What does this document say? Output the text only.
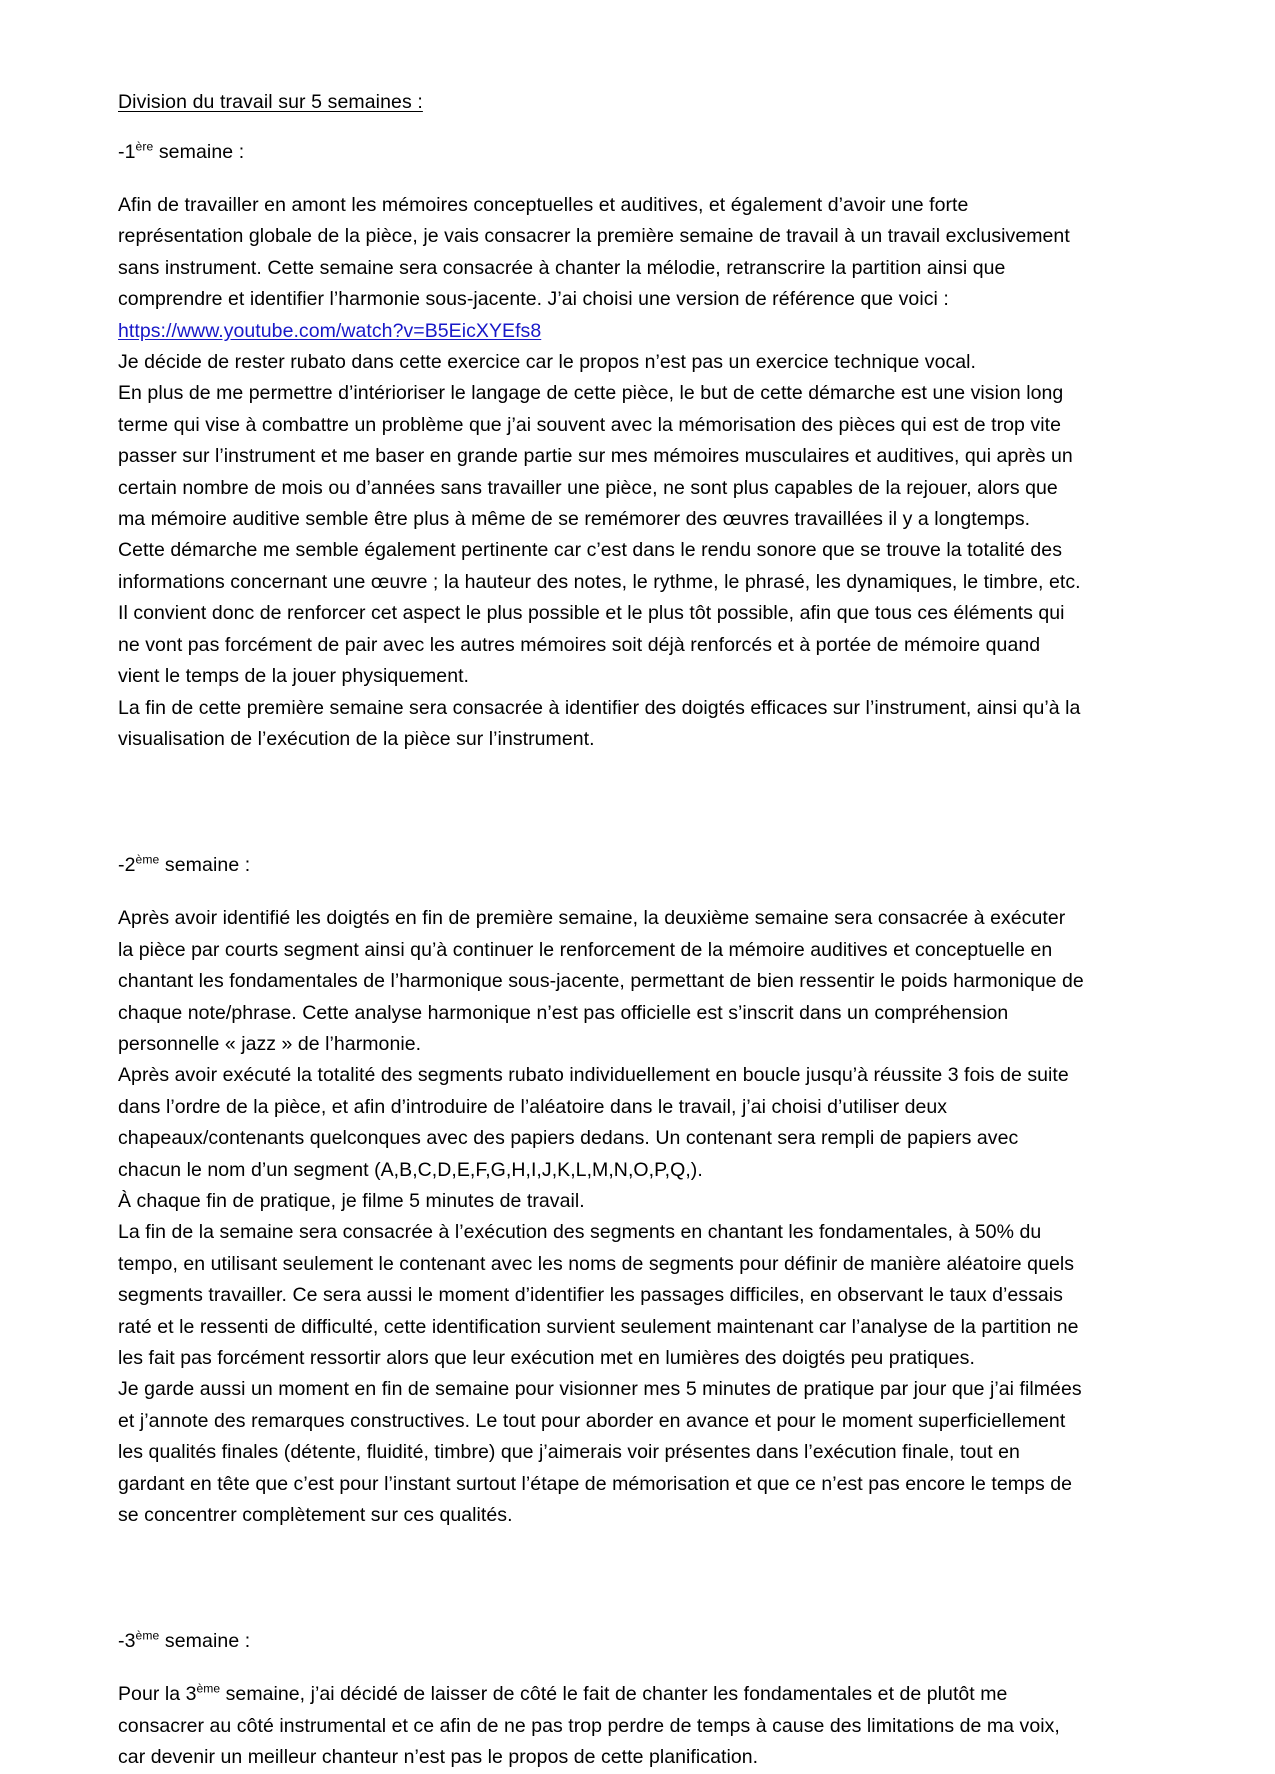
Division du travail sur 5 semaines :
-1ère semaine :

Afin de travailler en amont les mémoires conceptuelles et auditives, et également d’avoir une forte représentation globale de la pièce, je vais consacrer la première semaine de travail à un travail exclusivement sans instrument. Cette semaine sera consacrée à chanter la mélodie, retranscrire la partition ainsi que comprendre et identifier l’harmonie sous-jacente. J’ai choisi une version de référence que voici :

https://www.youtube.com/watch?v=B5EicXYEfs8

Je décide de rester rubato dans cette exercice car le propos n’est pas un exercice technique vocal.

En plus de me permettre d’intérioriser le langage de cette pièce, le but de cette démarche est une vision long terme qui vise à combattre un problème que j’ai souvent avec la mémorisation des pièces qui est de trop vite passer sur l’instrument et me baser en grande partie sur mes mémoires musculaires et auditives, qui après un certain nombre de mois ou d’années sans travailler une pièce, ne sont plus capables de la rejouer, alors que ma mémoire auditive semble être plus à même de se remémorer des œuvres travaillées il y a longtemps.

Cette démarche me semble également pertinente car c’est dans le rendu sonore que se trouve la totalité des informations concernant une œuvre ; la hauteur des notes, le rythme, le phrasé, les dynamiques, le timbre, etc. Il convient donc de renforcer cet aspect le plus possible et le plus tôt possible, afin que tous ces éléments qui ne vont pas forcément de pair avec les autres mémoires soit déjà renforcés et à portée de mémoire quand vient le temps de la jouer physiquement.

La fin de cette première semaine sera consacrée à identifier des doigtés efficaces sur l’instrument, ainsi qu’à la visualisation de l’exécution de la pièce sur l’instrument.

-2ème semaine :

Après avoir identifié les doigtés en fin de première semaine, la deuxième semaine sera consacrée à exécuter la pièce par courts segment ainsi qu’à continuer le renforcement de la mémoire auditives et conceptuelle en chantant les fondamentales de l’harmonique sous-jacente, permettant de bien ressentir le poids harmonique de chaque note/phrase. Cette analyse harmonique n’est pas officielle est s’inscrit dans un compréhension personnelle « jazz » de l’harmonie.

Après avoir exécuté la totalité des segments rubato individuellement en boucle jusqu’à réussite 3 fois de suite dans l’ordre de la pièce, et afin d’introduire de l’aléatoire dans le travail, j’ai choisi d’utiliser deux chapeaux/contenants quelconques avec des papiers dedans. Un contenant sera rempli de papiers avec chacun le nom d’un segment (A,B,C,D,E,F,G,H,I,J,K,L,M,N,O,P,Q,).

À chaque fin de pratique, je filme 5 minutes de travail.

La fin de la semaine sera consacrée à l’exécution des segments en chantant les fondamentales, à 50% du tempo, en utilisant seulement le contenant avec les noms de segments pour définir de manière aléatoire quels segments travailler. Ce sera aussi le moment d’identifier les passages difficiles, en observant le taux d’essais raté et le ressenti de difficulté, cette identification survient seulement maintenant car l’analyse de la partition ne les fait pas forcément ressortir alors que leur exécution met en lumières des doigtés peu pratiques.

Je garde aussi un moment en fin de semaine pour visionner mes 5 minutes de pratique par jour que j’ai filmées et j’annote des remarques constructives. Le tout pour aborder en avance et pour le moment superficiellement les qualités finales (détente, fluidité, timbre) que j’aimerais voir présentes dans l’exécution finale, tout en gardant en tête que c’est pour l’instant surtout l’étape de mémorisation et que ce n’est pas encore le temps de se concentrer complètement sur ces qualités.

-3ème semaine :

Pour la 3ème semaine, j’ai décidé de laisser de côté le fait de chanter les fondamentales et de plutôt me consacrer au côté instrumental et ce afin de ne pas trop perdre de temps à cause des limitations de ma voix, car devenir un meilleur chanteur n’est pas le propos de cette planification.
